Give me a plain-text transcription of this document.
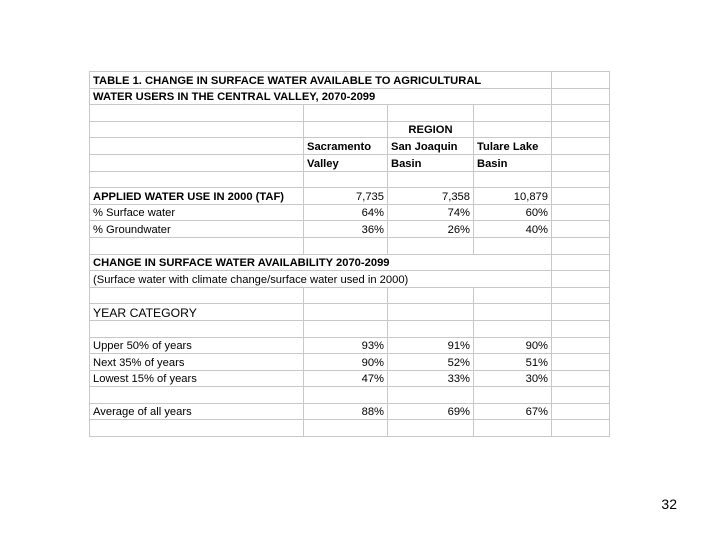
TABLE 1. CHANGE IN SURFACE WATER AVAILABLE TO AGRICULTURAL				
WATER USERS IN THE CENTRAL VALLEY, 2070-2099				

		REGION		
	Sacramento	San Joaquin	Tulare Lake	
	Valley	Basin	Basin	

APPLIED WATER USE IN 2000 (TAF)	7,735	7,358	10,879	
% Surface water	64%	74%	60%	
% Groundwater	36%	26%	40%	

CHANGE IN SURFACE WATER AVAILABILITY 2070-2099				
(Surface water with climate change/surface water used in 2000)				

YEAR CATEGORY				

Upper 50% of years	93%	91%	90%	
Next 35% of years	90%	52%	51%	
Lowest 15% of years	47%	33%	30%	

Average of all years	88%	69%	67%	

32
